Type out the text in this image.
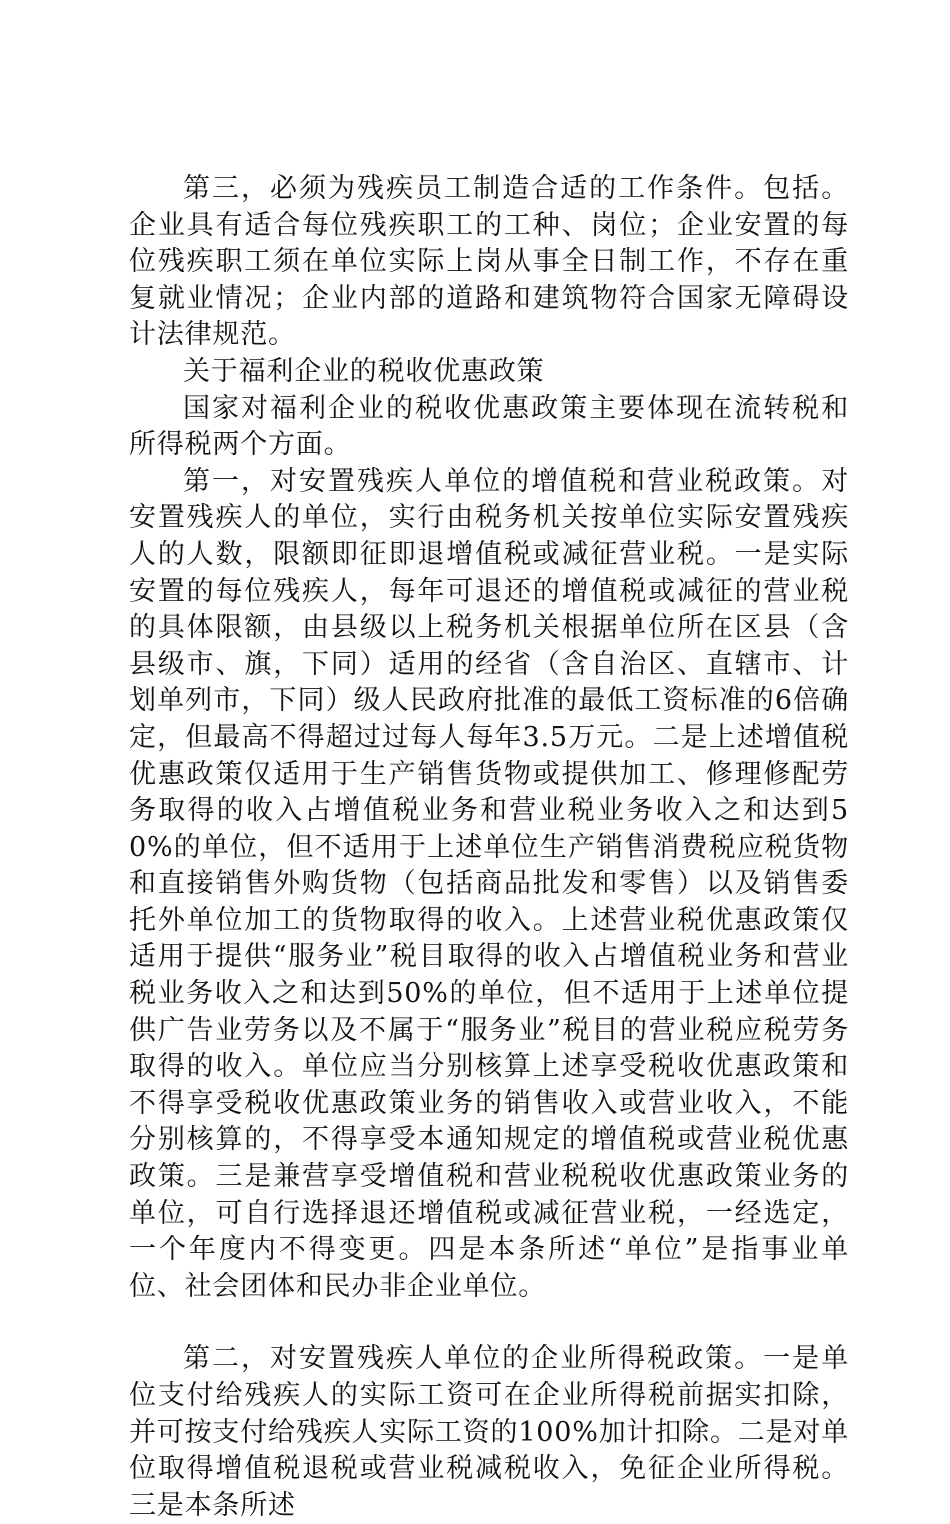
第三，必须为残疾员工制造合适的工作条件。包括。企业具有适合每位残疾职工的工种、岗位；企业安置的每位残疾职工须在单位实际上岗从事全日制工作，不存在重复就业情况；企业内部的道路和建筑物符合国家无障碍设计法律规范。

关于福利企业的税收优惠政策

国家对福利企业的税收优惠政策主要体现在流转税和所得税两个方面。

第一，对安置残疾人单位的增值税和营业税政策。对安置残疾人的单位，实行由税务机关按单位实际安置残疾人的人数，限额即征即退增值税或减征营业税。一是实际安置的每位残疾人，每年可退还的增值税或减征的营业税的具体限额，由县级以上税务机关根据单位所在区县（含县级市、旗，下同）适用的经省（含自治区、直辖市、计划单列市，下同）级人民政府批准的最低工资标准的6倍确定，但最高不得超过过每人每年3.5万元。二是上述增值税优惠政策仅适用于生产销售货物或提供加工、修理修配劳务取得的收入占增值税业务和营业税业务收入之和达到50%的单位，但不适用于上述单位生产销售消费税应税货物和直接销售外购货物（包括商品批发和零售）以及销售委托外单位加工的货物取得的收入。上述营业税优惠政策仅适用于提供“服务业”税目取得的收入占增值税业务和营业税业务收入之和达到50%的单位，但不适用于上述单位提供广告业劳务以及不属于“服务业”税目的营业税应税劳务取得的收入。单位应当分别核算上述享受税收优惠政策和不得享受税收优惠政策业务的销售收入或营业收入，不能分别核算的，不得享受本通知规定的增值税或营业税优惠政策。三是兼营享受增值税和营业税税收优惠政策业务的单位，可自行选择退还增值税或减征营业税，一经选定，一个年度内不得变更。四是本条所述“单位”是指事业单位、社会团体和民办非企业单位。

第二，对安置残疾人单位的企业所得税政策。一是单位支付给残疾人的实际工资可在企业所得税前据实扣除，并可按支付给残疾人实际工资的100%加计扣除。二是对单位取得增值税退税或营业税减税收入，免征企业所得税。三是本条所述
